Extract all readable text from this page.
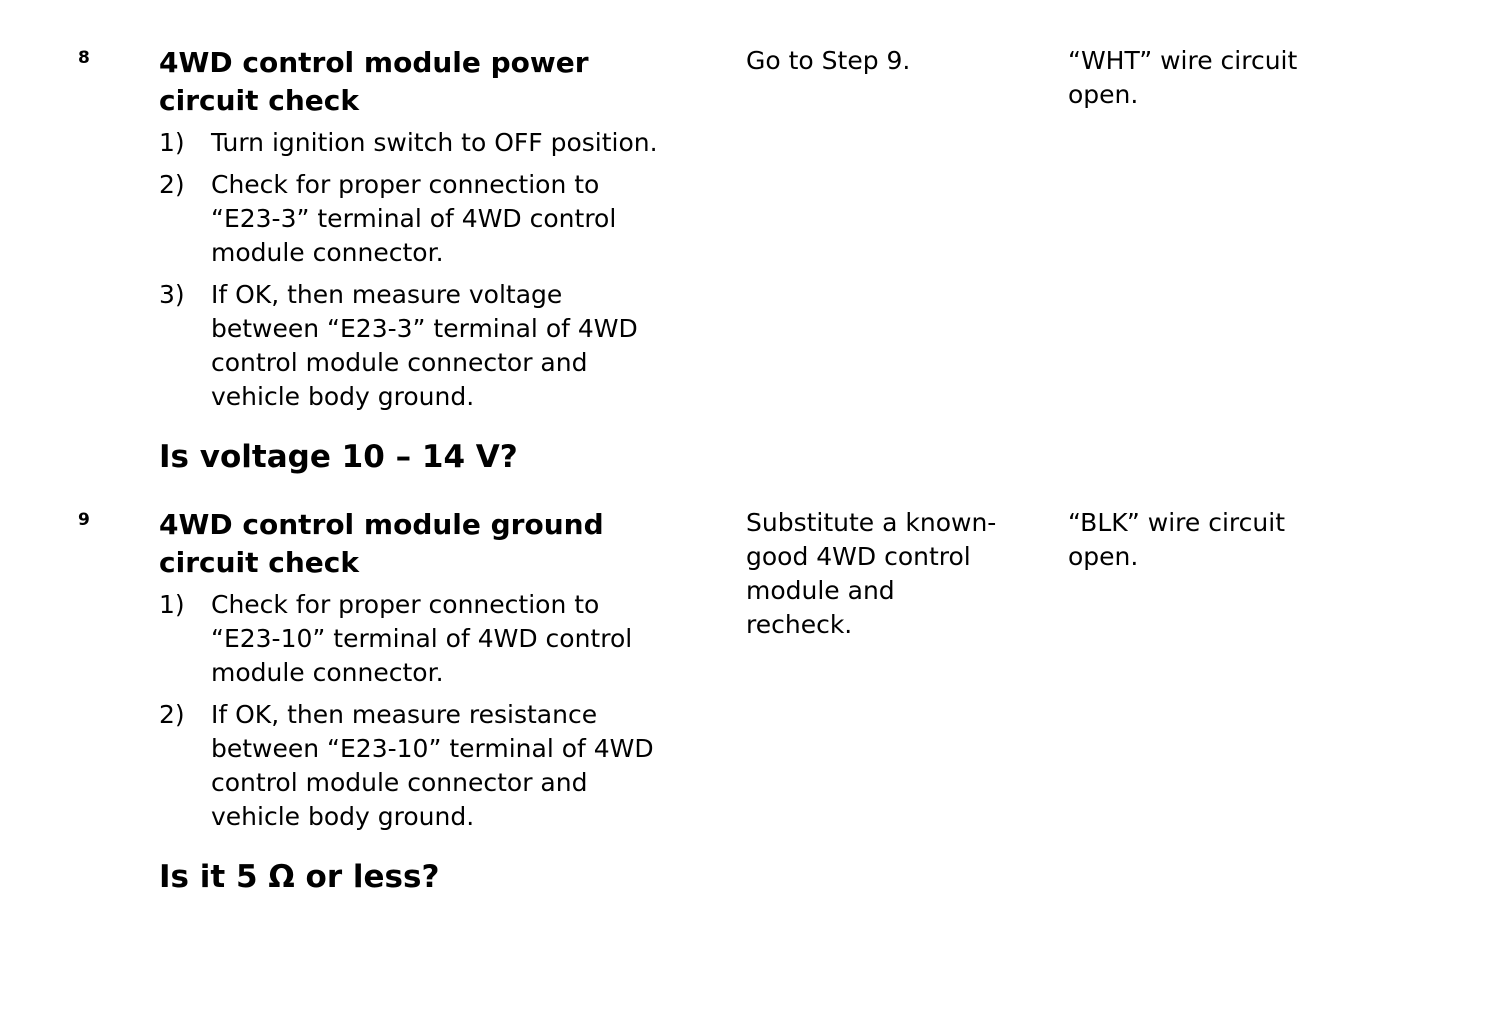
8 4WD control module power
circuit check
1) Turn ignition switch to OFF position.
2) Check for proper connection to
“E23-3” terminal of 4WD control
module connector.
3) If OK, then measure voltage
between “E23-3” terminal of 4WD
control module connector and
vehicle body ground.
Is voltage 10 – 14 V?
Go to Step 9.	“WHT” wire circuit
open.
9 4WD control module ground
circuit check
1) Check for proper connection to
“E23-10” terminal of 4WD control
module connector.
2) If OK, then measure resistance
between “E23-10” terminal of 4WD
control module connector and
vehicle body ground.
Is it 5 Ω or less?
Substitute a known-
good 4WD control
module and
recheck.
“BLK” wire circuit
open.
